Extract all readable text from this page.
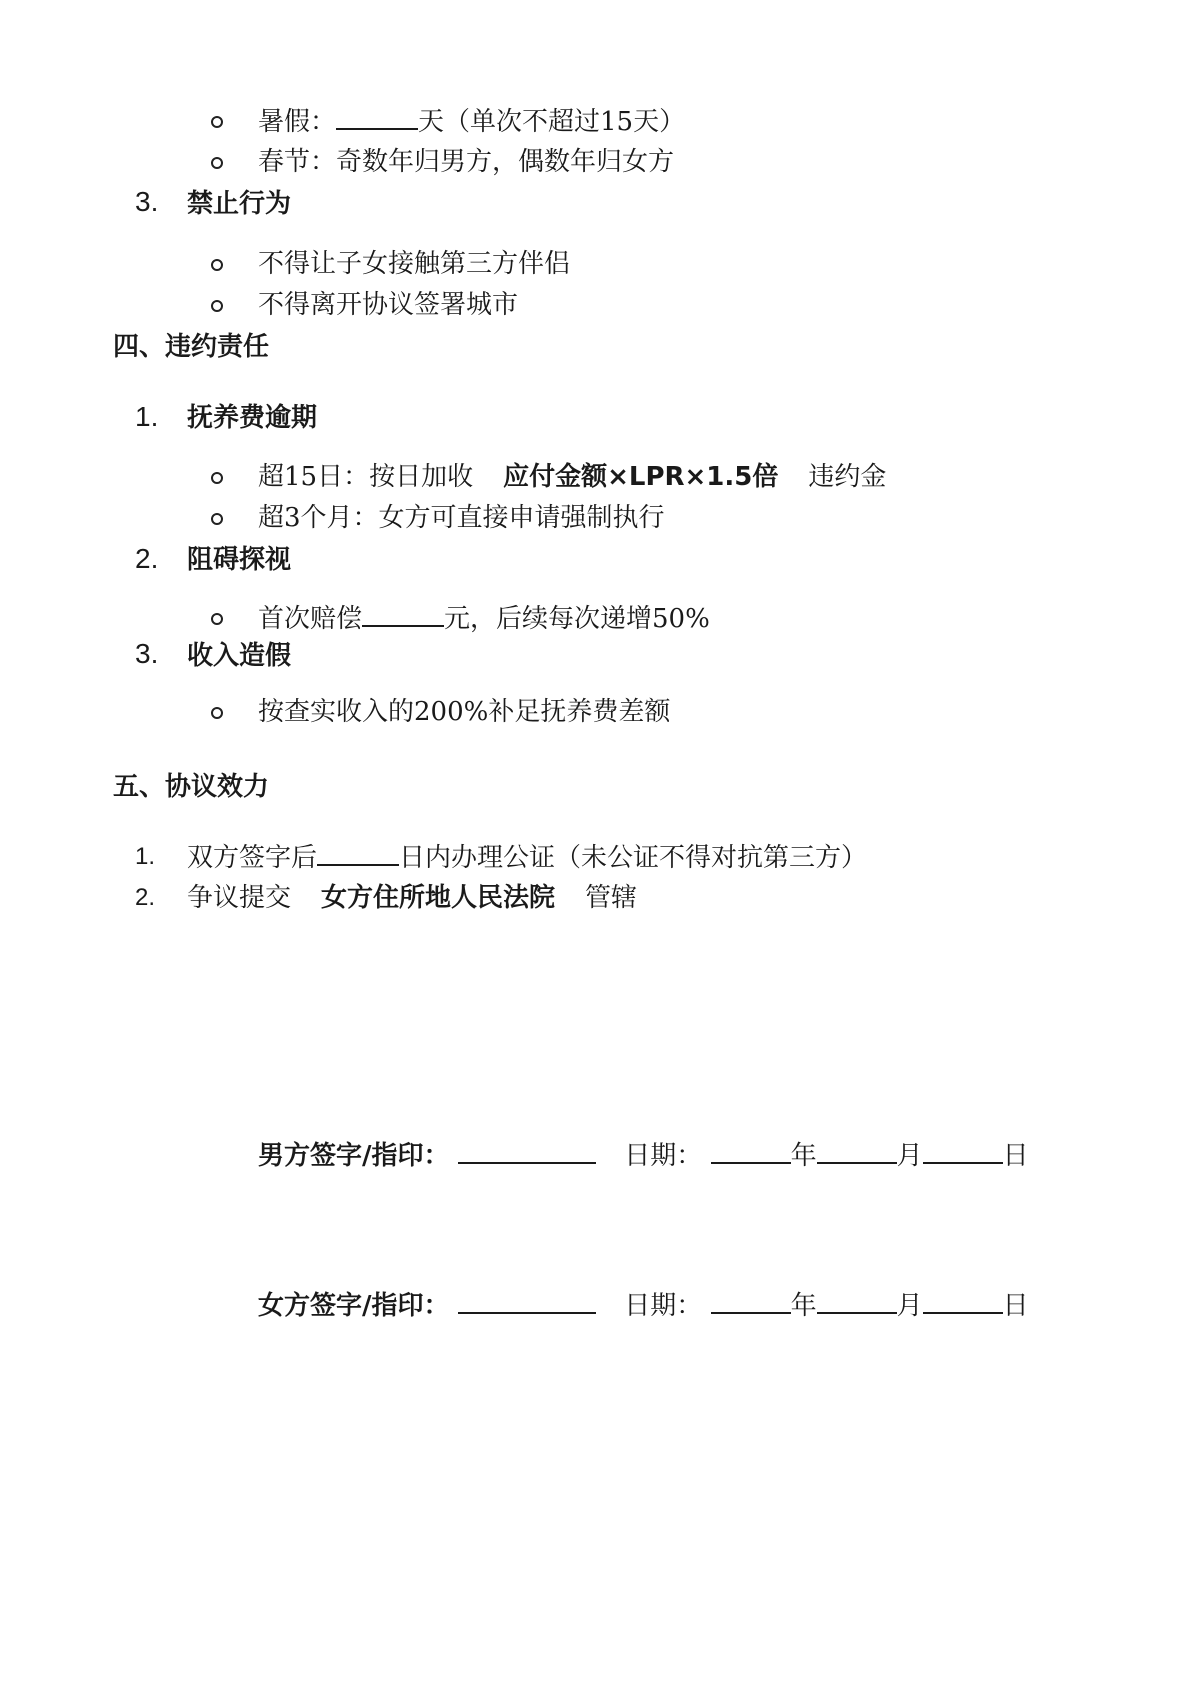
暑假：	天（单次不超过15天）
春节：奇数年归男方，偶数年归女方
3. 禁止行为
不得让子女接触第三方伴侣
不得离开协议签署城市
四、违约责任
1. 抚养费逾期
超15日：按日加收 应付金额×LPR×1.5倍 违约金
超3个月：女方可直接申请强制执行
2. 阻碍探视
首次赔偿	元，后续每次递增50%
3. 收入造假
按查实收入的200%补足抚养费差额
五、协议效力
1. 双方签字后	日内办理公证（未公证不得对抗第三方）
2. 争议提交 女方住所地人民法院 管辖
男方签字/指印：	日期：	年	月	日
女方签字/指印：	日期：	年	月	日
